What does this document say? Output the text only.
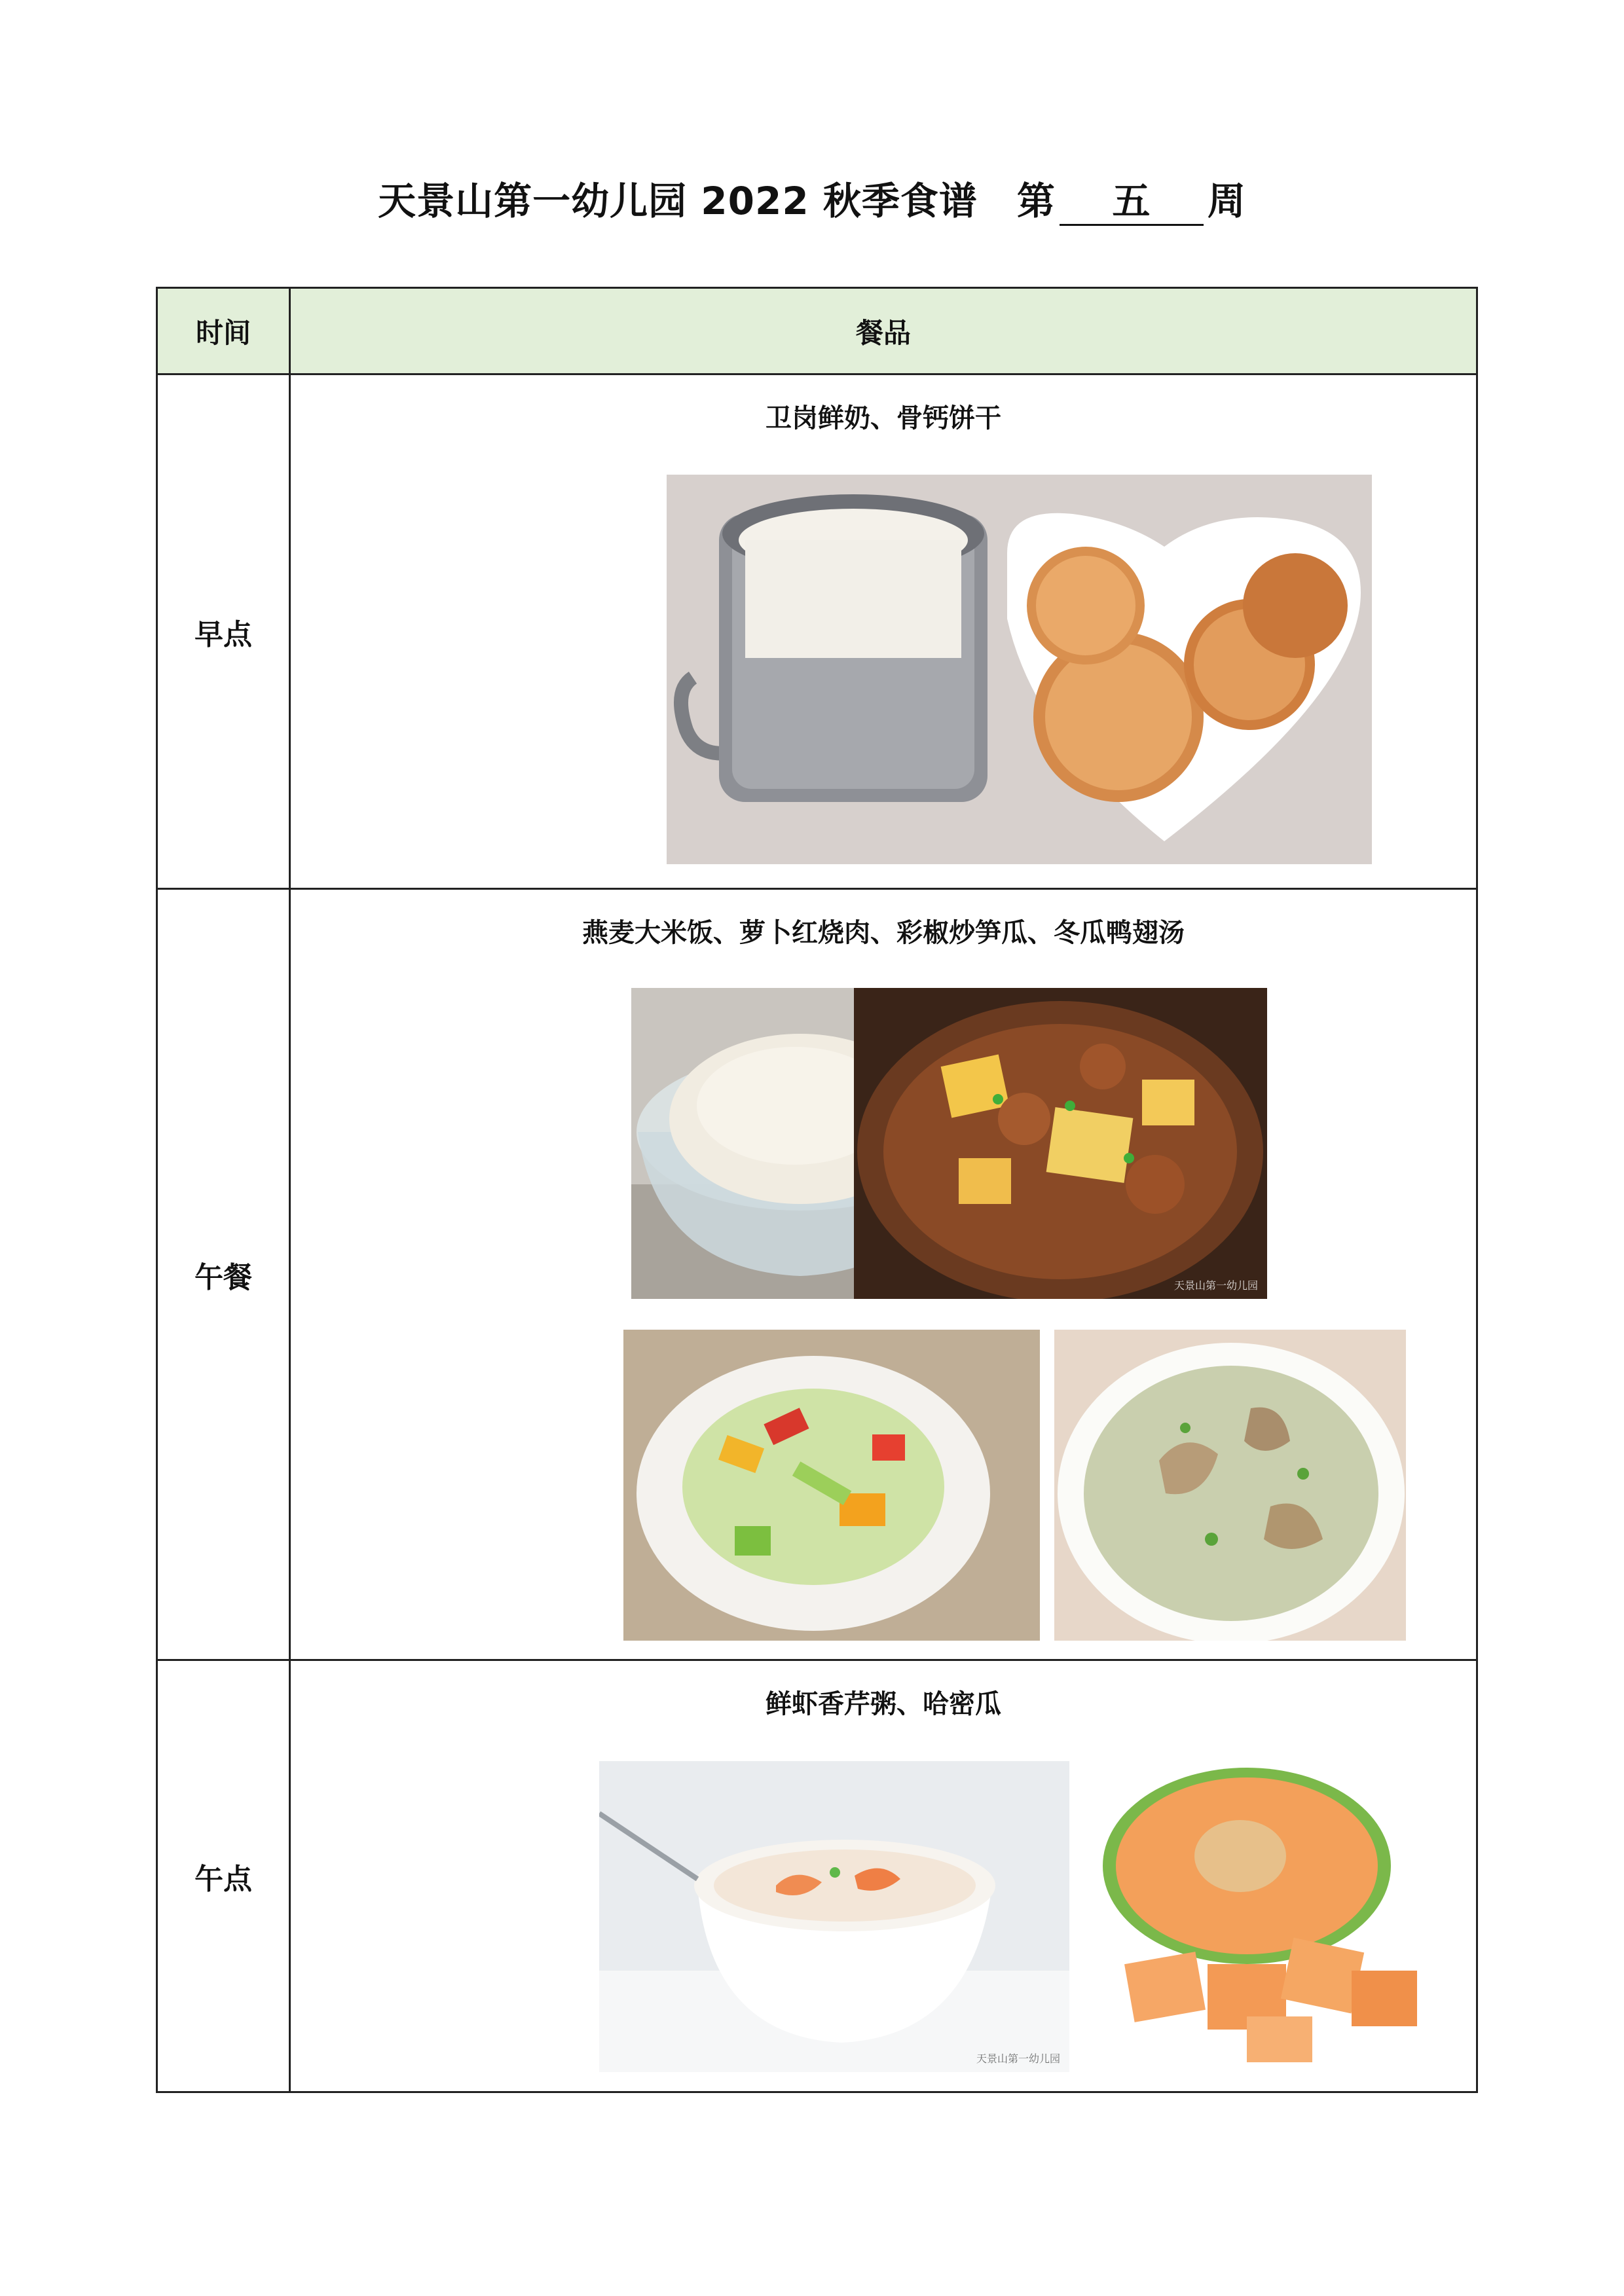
天景山第一幼儿园 2022 秋季食谱 第 五 周
时间	餐品
早点	卫岗鲜奶、骨钙饼干

午餐	燕麦大米饭、萝卜红烧肉、彩椒炒笋瓜、冬瓜鸭翅汤
天景山第一幼儿园

午点	鲜虾香芹粥、哈密瓜
天景山第一幼儿园
